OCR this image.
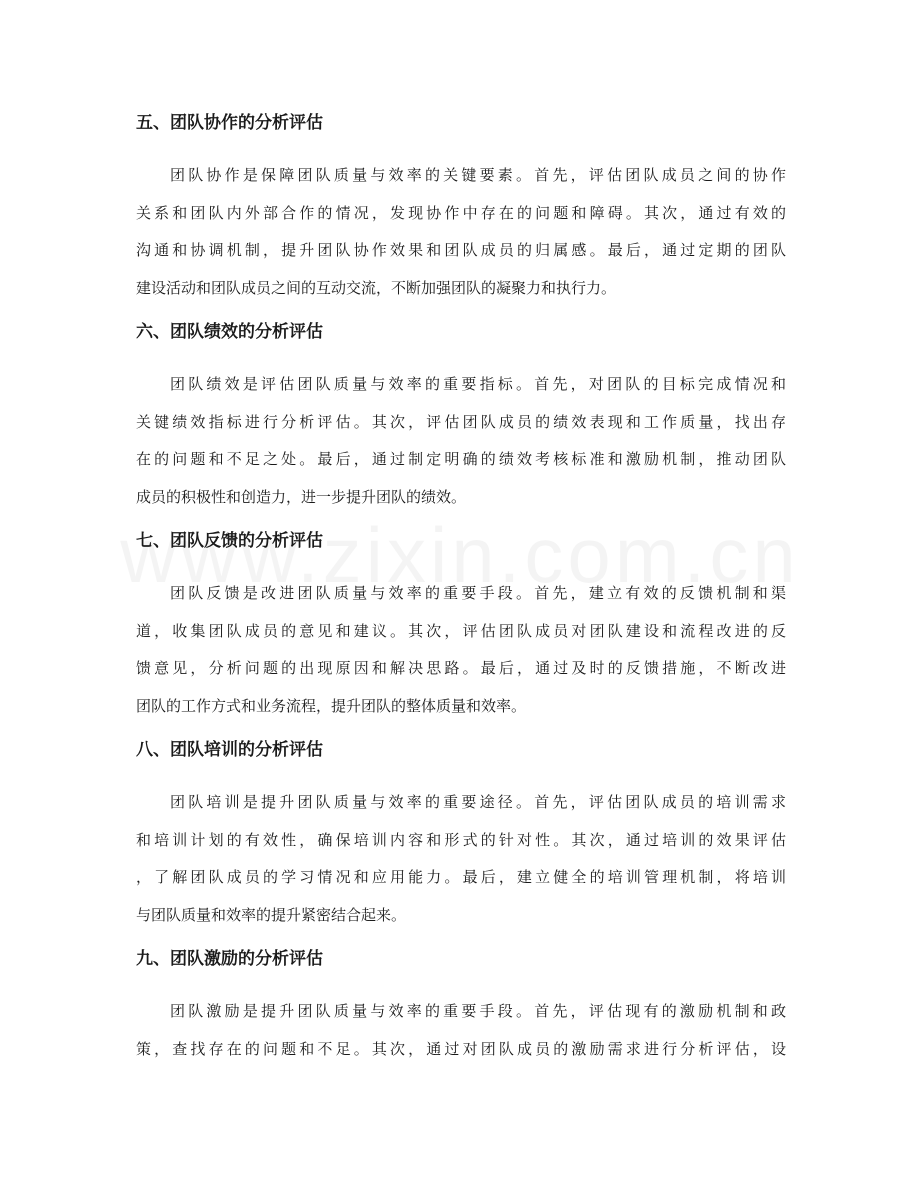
五、团队协作的分析评估
团队协作是保障团队质量与效率的关键要素。首先，评估团队成员之间的协作
关系和团队内外部合作的情况，发现协作中存在的问题和障碍。其次，通过有效的
沟通和协调机制，提升团队协作效果和团队成员的归属感。最后，通过定期的团队
建设活动和团队成员之间的互动交流，不断加强团队的凝聚力和执行力。
六、团队绩效的分析评估
团队绩效是评估团队质量与效率的重要指标。首先，对团队的目标完成情况和
关键绩效指标进行分析评估。其次，评估团队成员的绩效表现和工作质量，找出存
在的问题和不足之处。最后，通过制定明确的绩效考核标准和激励机制，推动团队
成员的积极性和创造力，进一步提升团队的绩效。
七、团队反馈的分析评估
团队反馈是改进团队质量与效率的重要手段。首先，建立有效的反馈机制和渠
道，收集团队成员的意见和建议。其次，评估团队成员对团队建设和流程改进的反
馈意见，分析问题的出现原因和解决思路。最后，通过及时的反馈措施，不断改进
团队的工作方式和业务流程，提升团队的整体质量和效率。
八、团队培训的分析评估
团队培训是提升团队质量与效率的重要途径。首先，评估团队成员的培训需求
和培训计划的有效性，确保培训内容和形式的针对性。其次，通过培训的效果评估
，了解团队成员的学习情况和应用能力。最后，建立健全的培训管理机制，将培训
与团队质量和效率的提升紧密结合起来。
九、团队激励的分析评估
团队激励是提升团队质量与效率的重要手段。首先，评估现有的激励机制和政
策，查找存在的问题和不足。其次，通过对团队成员的激励需求进行分析评估，设
